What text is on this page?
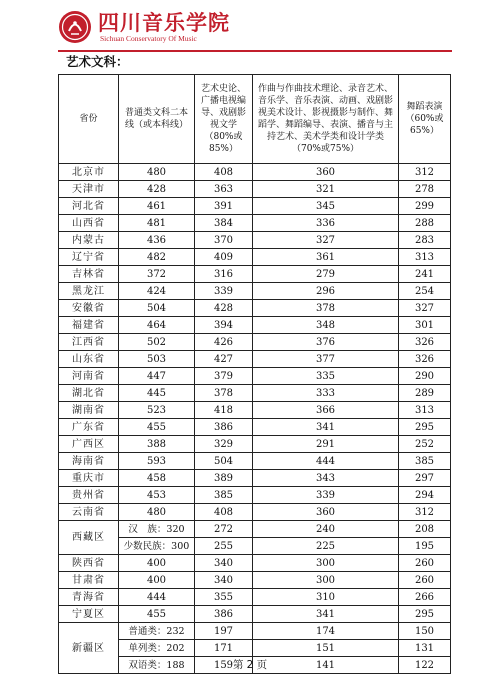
四川音乐学院
Sichuan Conservatory Of Music
艺术文科：
省份	普通类文科二本线（或本科线）	艺术史论、广播电视编导、戏剧影视文学（80%或85%）	作曲与作曲技术理论、录音艺术、音乐学、音乐表演、动画、戏剧影视美术设计、影视摄影与制作、舞蹈学、舞蹈编导、表演、播音与主持艺术、美术学类和设计学类（70%或75%）	舞蹈表演（60%或65%）
北京市	480	408	360	312
天津市	428	363	321	278
河北省	461	391	345	299
山西省	481	384	336	288
内蒙古	436	370	327	283
辽宁省	482	409	361	313
吉林省	372	316	279	241
黑龙江	424	339	296	254
安徽省	504	428	378	327
福建省	464	394	348	301
江西省	502	426	376	326
山东省	503	427	377	326
河南省	447	379	335	290
湖北省	445	378	333	289
湖南省	523	418	366	313
广东省	455	386	341	295
广西区	388	329	291	252
海南省	593	504	444	385
重庆市	458	389	343	297
贵州省	453	385	339	294
云南省	480	408	360	312
西藏区	汉　族：320	272	240	208
	少数民族：300	255	225	195
陕西省	400	340	300	260
甘肃省	400	340	300	260
青海省	444	355	310	266
宁夏区	455	386	341	295
新疆区	普通类：232	197	174	150
	单列类：202	171	151	131
	双语类：188	159	141	122
第 2 页
